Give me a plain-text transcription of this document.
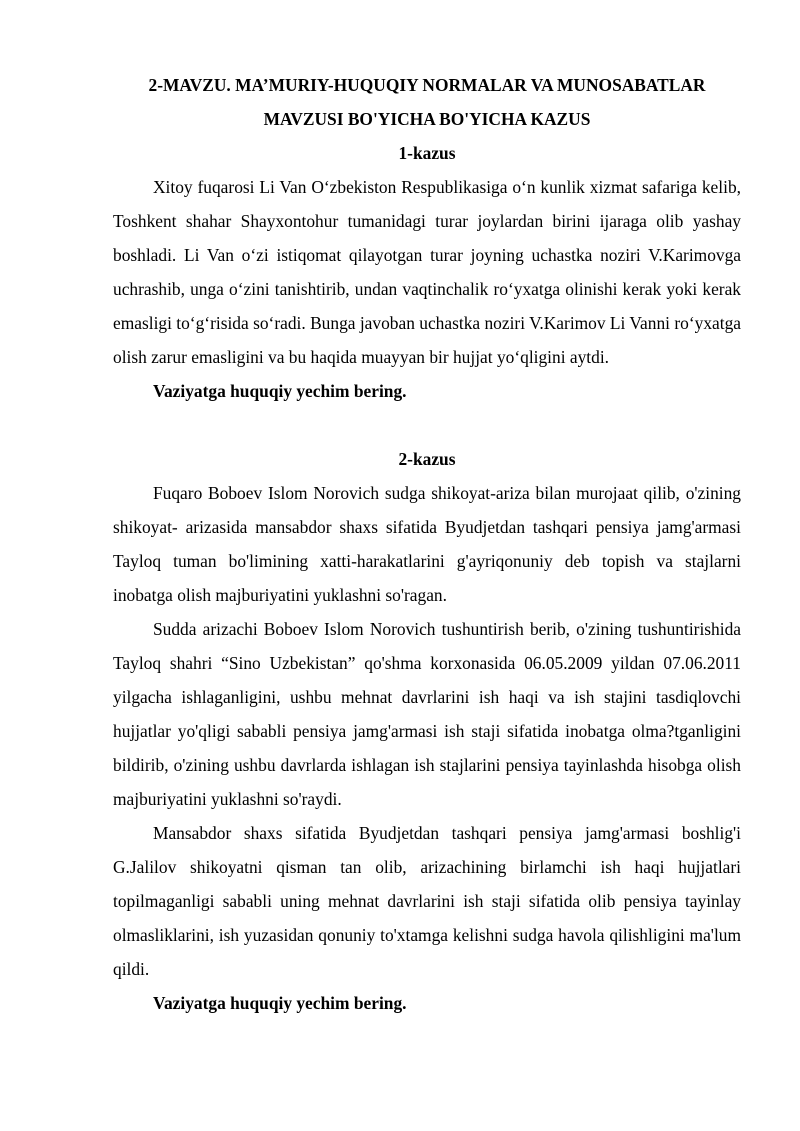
2-MAVZU. MA’MURIY-HUQUQIY NORMALAR VA MUNOSABATLAR
MAVZUSI BO'YICHA BO'YICHA KAZUS

1-kazus

Xitoy fuqarosi Li Van O‘zbekiston Respublikasiga o‘n kunlik xizmat safariga kelib, Toshkent shahar Shayxontohur tumanidagi turar joylardan birini ijaraga olib yashay boshladi. Li Van o‘zi istiqomat qilayotgan turar joyning uchastka noziri V.Karimovga uchrashib, unga o‘zini tanishtirib, undan vaqtinchalik ro‘yxatga olinishi kerak yoki kerak emasligi to‘g‘risida so‘radi. Bunga javoban uchastka noziri V.Karimov Li Vanni ro‘yxatga olish zarur emasligini va bu haqida muayyan bir hujjat yo‘qligini aytdi.

Vaziyatga huquqiy yechim bering.

2-kazus

Fuqaro Boboev Islom Norovich sudga shikoyat-ariza bilan murojaat qilib, o'zining shikoyat- arizasida mansabdor shaxs sifatida Byudjetdan tashqari pensiya jamg'armasi Tayloq tuman bo'limining xatti-harakatlarini g'ayriqonuniy deb topish va stajlarni inobatga olish majburiyatini yuklashni so'ragan.

Sudda arizachi Boboev Islom Norovich tushuntirish berib, o'zining tushuntirishida Tayloq shahri “Sino Uzbekistan” qo'shma korxonasida 06.05.2009 yildan 07.06.2011 yilgacha ishlaganligini, ushbu mehnat davrlarini ish haqi va ish stajini tasdiqlovchi hujjatlar yo'qligi sababli pensiya jamg'armasi ish staji sifatida inobatga olma?tganligini bildirib, o'zining ushbu davrlarda ishlagan ish stajlarini pensiya tayinlashda hisobga olish majburiyatini yuklashni so'raydi.

Mansabdor shaxs sifatida Byudjetdan tashqari pensiya jamg'armasi boshlig'i G.Jalilov shikoyatni qisman tan olib, arizachining birlamchi ish haqi hujjatlari topilmaganligi sababli uning mehnat davrlarini ish staji sifatida olib pensiya tayinlay olmasliklarini, ish yuzasidan qonuniy to'xtamga kelishni sudga havola qilishligini ma'lum qildi.

Vaziyatga huquqiy yechim bering.
